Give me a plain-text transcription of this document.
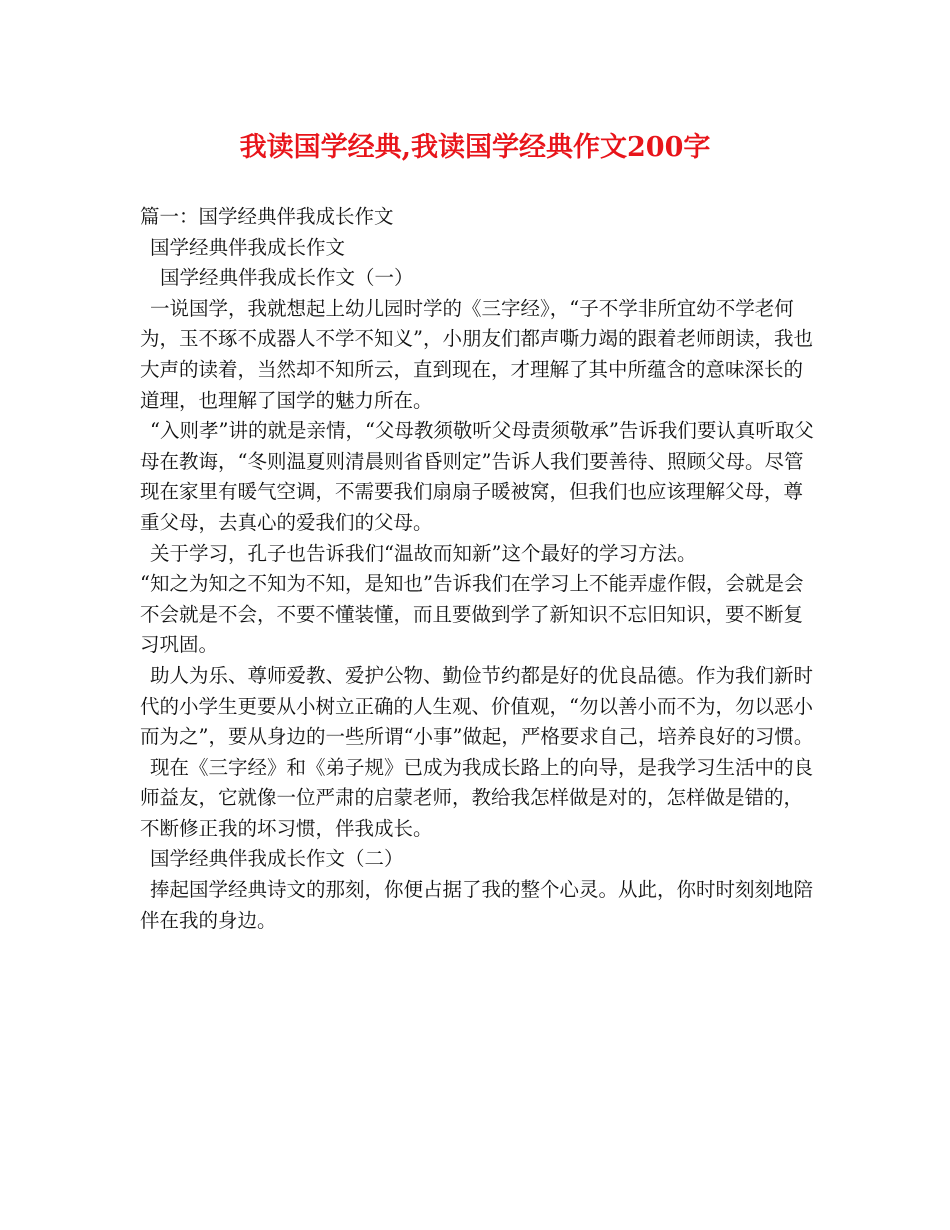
我读国学经典,我读国学经典作文200字

篇一：国学经典伴我成长作文

国学经典伴我成长作文

国学经典伴我成长作文（一）

一说国学，我就想起上幼儿园时学的《三字经》，“子不学非所宜幼不学老何为，玉不琢不成器人不学不知义”，小朋友们都声嘶力竭的跟着老师朗读，我也大声的读着，当然却不知所云，直到现在，才理解了其中所蕴含的意味深长的道理，也理解了国学的魅力所在。

“入则孝”讲的就是亲情，“父母教须敬听父母责须敬承”告诉我们要认真听取父母在教诲，“冬则温夏则清晨则省昏则定”告诉人我们要善待、照顾父母。尽管现在家里有暖气空调，不需要我们扇扇子暖被窝，但我们也应该理解父母，尊重父母，去真心的爱我们的父母。

关于学习，孔子也告诉我们“温故而知新”这个最好的学习方法。

“知之为知之不知为不知，是知也”告诉我们在学习上不能弄虚作假，会就是会不会就是不会，不要不懂装懂，而且要做到学了新知识不忘旧知识，要不断复习巩固。

助人为乐、尊师爱教、爱护公物、勤俭节约都是好的优良品德。作为我们新时代的小学生更要从小树立正确的人生观、价值观，“勿以善小而不为，勿以恶小而为之”，要从身边的一些所谓“小事”做起，严格要求自己，培养良好的习惯。

现在《三字经》和《弟子规》已成为我成长路上的向导，是我学习生活中的良师益友，它就像一位严肃的启蒙老师，教给我怎样做是对的，怎样做是错的，不断修正我的坏习惯，伴我成长。

国学经典伴我成长作文（二）

捧起国学经典诗文的那刻，你便占据了我的整个心灵。从此，你时时刻刻地陪伴在我的身边。
